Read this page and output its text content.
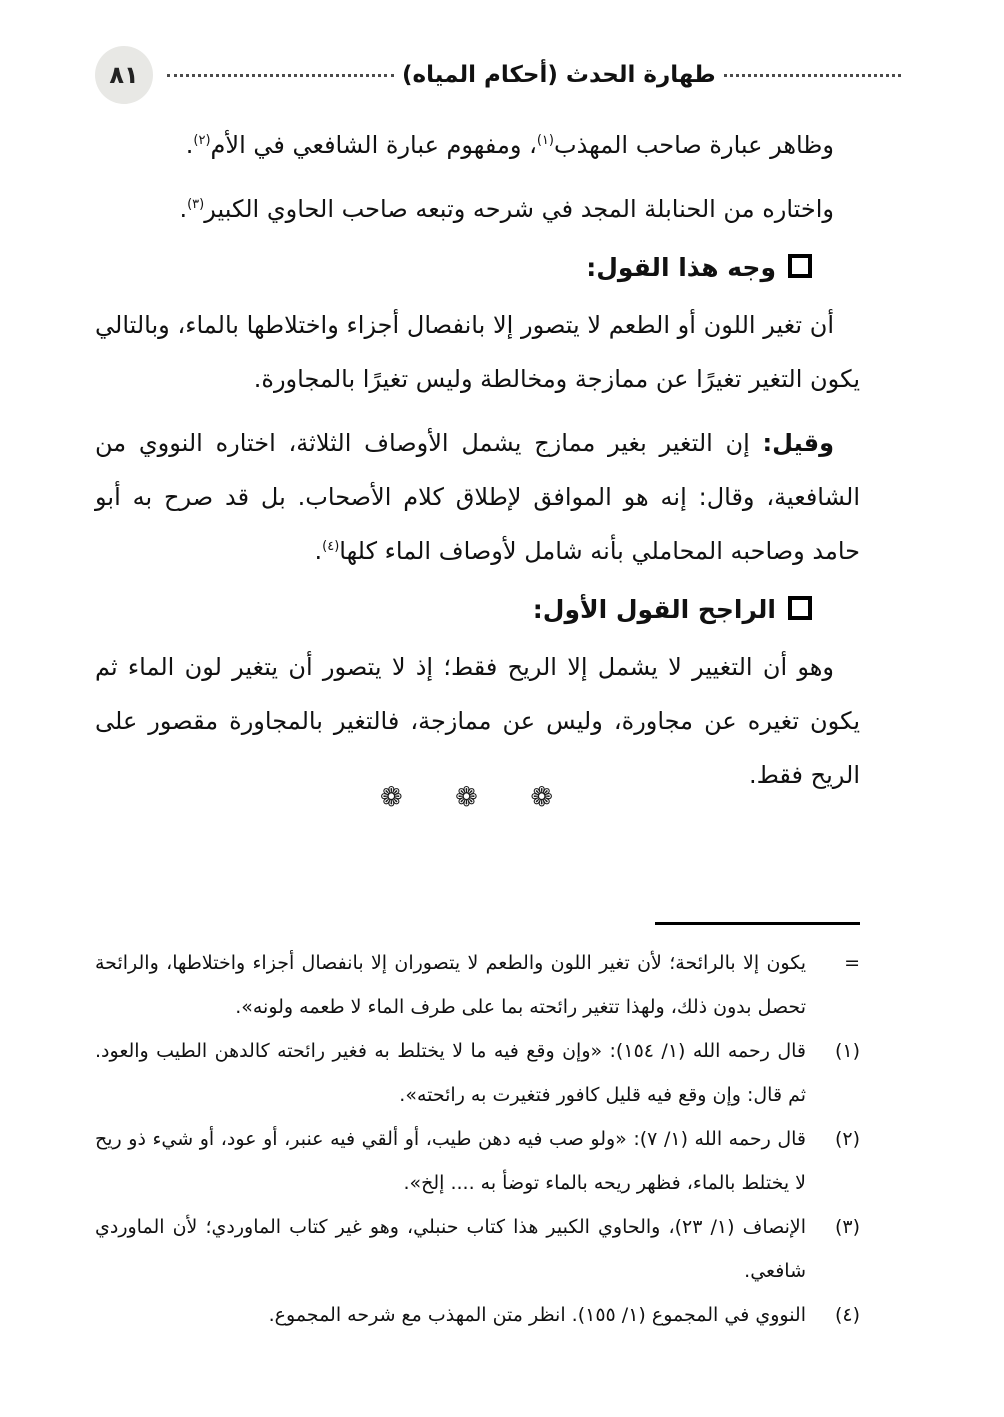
طهارة الحدث (أحكام المياه)
٨١

وظاهر عبارة صاحب المهذب$^{(١)}$، ومفهوم عبارة الشافعي في الأم$^{(٢)}$.

واختاره من الحنابلة المجد في شرحه وتبعه صاحب الحاوي الكبير$^{(٣)}$.

وجه هذا القول:

أن تغير اللون أو الطعم لا يتصور إلا بانفصال أجزاء واختلاطها بالماء، وبالتالي يكون التغير تغيرًا عن ممازجة ومخالطة وليس تغيرًا بالمجاورة.

وقيل: إن التغير بغير ممازج يشمل الأوصاف الثلاثة، اختاره النووي من الشافعية، وقال: إنه هو الموافق لإطلاق كلام الأصحاب. بل قد صرح به أبو حامد وصاحبه المحاملي بأنه شامل لأوصاف الماء كلها$^{(٤)}$.

الراجح القول الأول:

وهو أن التغيير لا يشمل إلا الريح فقط؛ إذ لا يتصور أن يتغير لون الماء ثم يكون تغيره عن مجاورة، وليس عن ممازجة، فالتغير بالمجاورة مقصور على الريح فقط.

❁ ❁ ❁
=
يكون إلا بالرائحة؛ لأن تغير اللون والطعم لا يتصوران إلا بانفصال أجزاء واختلاطها، والرائحة تحصل بدون ذلك، ولهذا تتغير رائحته بما على طرف الماء لا طعمه ولونه».
(١)
قال رحمه الله (١/ ١٥٤): «وإن وقع فيه ما لا يختلط به فغير رائحته كالدهن الطيب والعود. ثم قال: وإن وقع فيه قليل كافور فتغيرت به رائحته».
(٢)
قال رحمه الله (١/ ٧): «ولو صب فيه دهن طيب، أو ألقي فيه عنبر، أو عود، أو شيء ذو ريح لا يختلط بالماء، فظهر ريحه بالماء توضأ به .... إلخ».
(٣)
الإنصاف (١/ ٢٣)، والحاوي الكبير هذا كتاب حنبلي، وهو غير كتاب الماوردي؛ لأن الماوردي شافعي.
(٤)
النووي في المجموع (١/ ١٥٥). انظر متن المهذب مع شرحه المجموع.
